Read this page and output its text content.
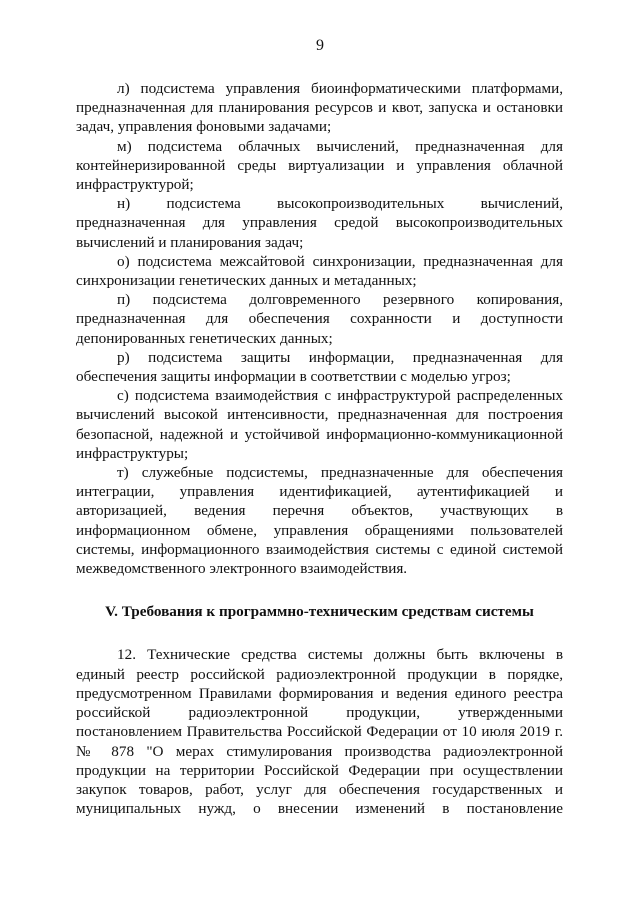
9

л) подсистема управления биоинформатическими платформами, предназначенная для планирования ресурсов и квот, запуска и остановки задач, управления фоновыми задачами;

м) подсистема облачных вычислений, предназначенная для контейнеризированной среды виртуализации и управления облачной инфраструктурой;

н) подсистема высокопроизводительных вычислений, предназначенная для управления средой высокопроизводительных вычислений и планирования задач;

о) подсистема межсайтовой синхронизации, предназначенная для синхронизации генетических данных и метаданных;

п) подсистема долговременного резервного копирования, предназначенная для обеспечения сохранности и доступности депонированных генетических данных;

р) подсистема защиты информации, предназначенная для обеспечения защиты информации в соответствии с моделью угроз;

с) подсистема взаимодействия с инфраструктурой распределенных вычислений высокой интенсивности, предназначенная для построения безопасной, надежной и устойчивой информационно-коммуникационной инфраструктуры;

т) служебные подсистемы, предназначенные для обеспечения интеграции, управления идентификацией, аутентификацией и авторизацией, ведения перечня объектов, участвующих в информационном обмене, управления обращениями пользователей системы, информационного взаимодействия системы с единой системой межведомственного электронного взаимодействия.

V. Требования к программно-техническим средствам системы

12. Технические средства системы должны быть включены в единый реестр российской радиоэлектронной продукции в порядке, предусмотренном Правилами формирования и ведения единого реестра российской радиоэлектронной продукции, утвержденными постановлением Правительства Российской Федерации от 10 июля 2019 г. № 878 "О мерах стимулирования производства радиоэлектронной продукции на территории Российской Федерации при осуществлении закупок товаров, работ, услуг для обеспечения государственных и муниципальных нужд, о внесении изменений в постановление
